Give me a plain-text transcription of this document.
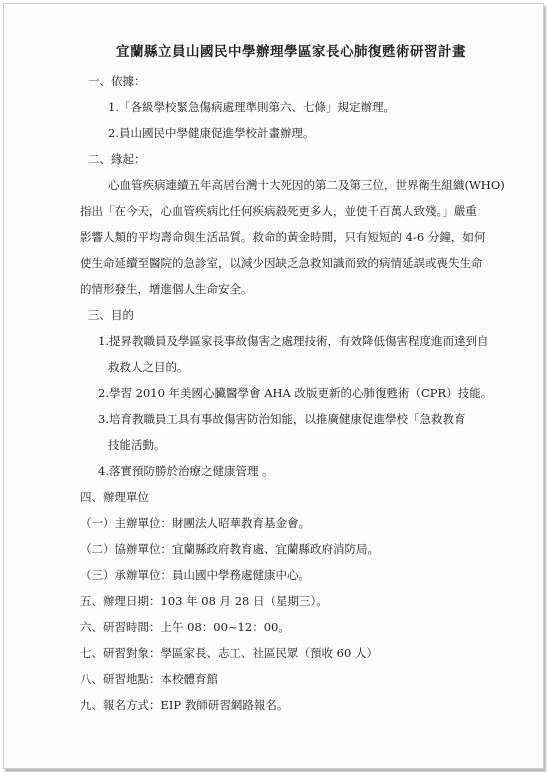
宜蘭縣立員山國民中學辦理學區家長心肺復甦術研習計畫
一、依據：
1.「各級學校緊急傷病處理準則第六、七條」規定辦理。
2.員山國民中學健康促進學校計畫辦理。
二、緣起：
心血管疾病連續五年高居台灣十大死因的第二及第三位，世界衛生組織(WHO)
指出「在今天，心血管疾病比任何疾病殺死更多人，並使千百萬人致殘。」嚴重
影響人類的平均壽命與生活品質。救命的黃金時間，只有短短的 4-6 分鐘，如何
使生命延續至醫院的急診室，以減少因缺乏急救知識而致的病情延誤或喪失生命
的情形發生，增進個人生命安全。
三、目的
1.提昇教職員及學區家長事故傷害之處理技術，有效降低傷害程度進而達到自
救救人之目的。
2.學習 2010 年美國心臟醫學會 AHA 改版更新的心肺復甦術（CPR）技能。
3.培育教職員工具有事故傷害防治知能，以推廣健康促進學校「急救教育
技能活動。
4.落實預防勝於治療之健康管理 。
四、辦理單位
（一）主辦單位：財團法人昭華教育基金會。
（二）協辦單位：宜蘭縣政府教育處、宜蘭縣政府消防局。
（三）承辦單位：員山國中學務處健康中心。
五、辦理日期：103 年 08 月 28 日（星期三）。
六、研習時間：上午 08：00~12：00。
七、研習對象：學區家長、志工、社區民眾（預收 60 人）
八、研習地點：本校體育館
九、報名方式：EIP 教師研習網路報名。
